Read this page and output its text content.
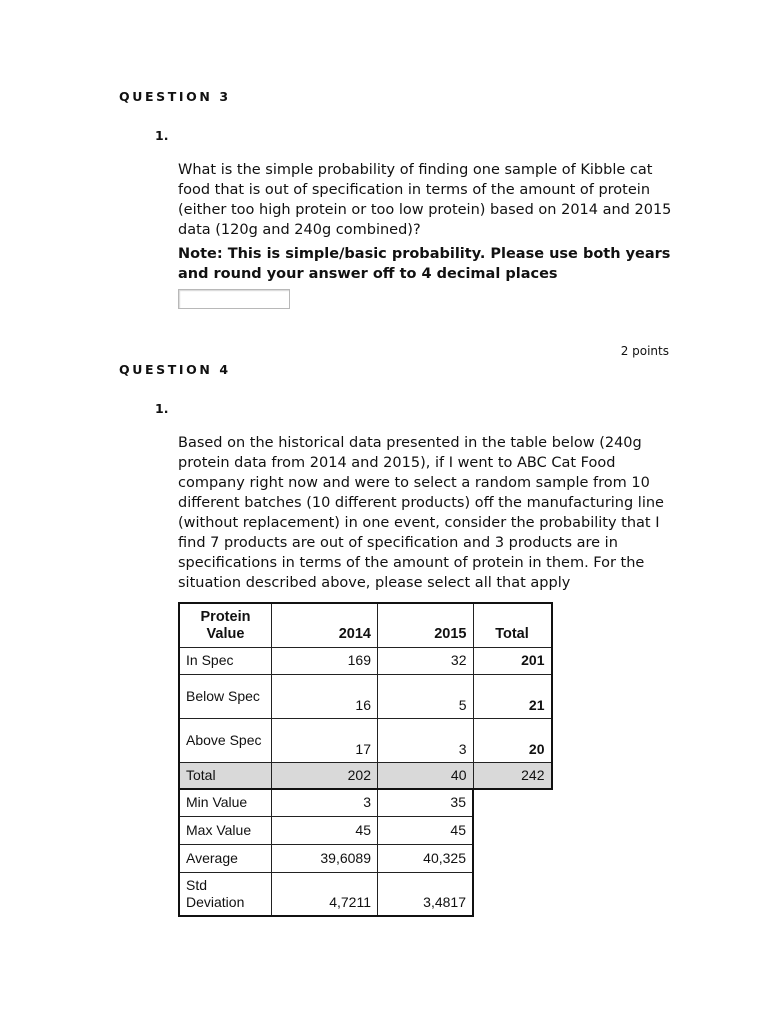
QUESTION 3
1.
What is the simple probability of finding one sample of Kibble cat food that is out of specification in terms of the amount of protein (either too high protein or too low protein) based on 2014 and 2015 data (120g and 240g combined)?
Note: This is simple/basic probability. Please use both years and round your answer off to 4 decimal places
2 points
QUESTION 4
1.
Based on the historical data presented in the table below (240g protein data from 2014 and 2015), if I went to ABC Cat Food company right now and were to select a random sample from 10 different batches (10 different products) off the manufacturing line (without replacement) in one event, consider the probability that I find 7 products are out of specification and 3 products are in specifications in terms of the amount of protein in them. For the situation described above, please select all that apply
Protein Value	2014	2015	Total
In Spec	169	32	201
Below Spec	16	5	21
Above Spec	17	3	20
Total	202	40	242
Min Value	3	35	
Max Value	45	45	
Average	39,6089	40,325	
Std Deviation	4,7211	3,4817	
